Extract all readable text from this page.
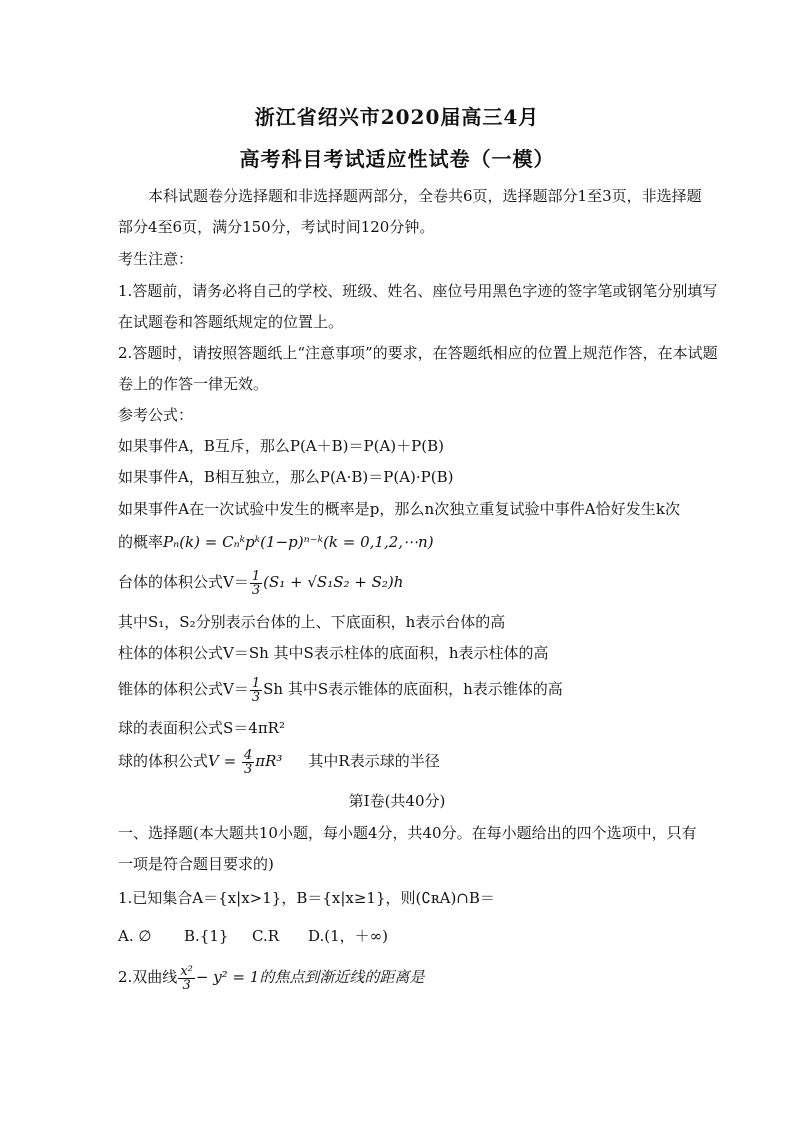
浙江省绍兴市2020届高三4月
高考科目考试适应性试卷（一模）
本科试题卷分选择题和非选择题两部分，全卷共6页，选择题部分1至3页，非选择题
部分4至6页，满分150分，考试时间120分钟。
考生注意：
1.答题前，请务必将自己的学校、班级、姓名、座位号用黑色字迹的签字笔或钢笔分别填写
在试题卷和答题纸规定的位置上。
2.答题时，请按照答题纸上“注意事项”的要求，在答题纸相应的位置上规范作答，在本试题
卷上的作答一律无效。
参考公式：
如果事件A，B互斥，那么P(A＋B)＝P(A)＋P(B)
如果事件A，B相互独立，那么P(A·B)＝P(A)·P(B)
如果事件A在一次试验中发生的概率是p，那么n次独立重复试验中事件A恰好发生k次
的概率Pₙ(k) = Cₙᵏpᵏ(1−p)ⁿ⁻ᵏ(k = 0,1,2,⋯n)
台体的体积公式$V= \frac{1}{3} (S_1 + √S_1S_2 + S_2)h$
其中S₁，S₂分别表示台体的上、下底面积，h表示台体的高
柱体的体积公式V＝Sh 其中S表示柱体的底面积，h表示柱体的高
锥体的体积公式$V= \frac{1}{3}$ Sh 其中S表示锥体的底面积，h表示锥体的高
球的表面积公式S＝4πR²
球的体积公式$V = \frac{4}{3} \pi R^3$ 其中R表示球的半径
第Ⅰ卷(共40分)
一、选择题(本大题共10小题，每小题4分，共40分。在每小题给出的四个选项中，只有
一项是符合题目要求的)
1.已知集合A＝{x|x>1}，B＝{x|x≥1}，则(∁ʀA)∩B＝
A. ∅ B.{1} C.R D.(1，＋∞)
2.双曲线 $\frac{\text{x²}}{3} - y^2 = 1$的焦点到渐近线的距离是
